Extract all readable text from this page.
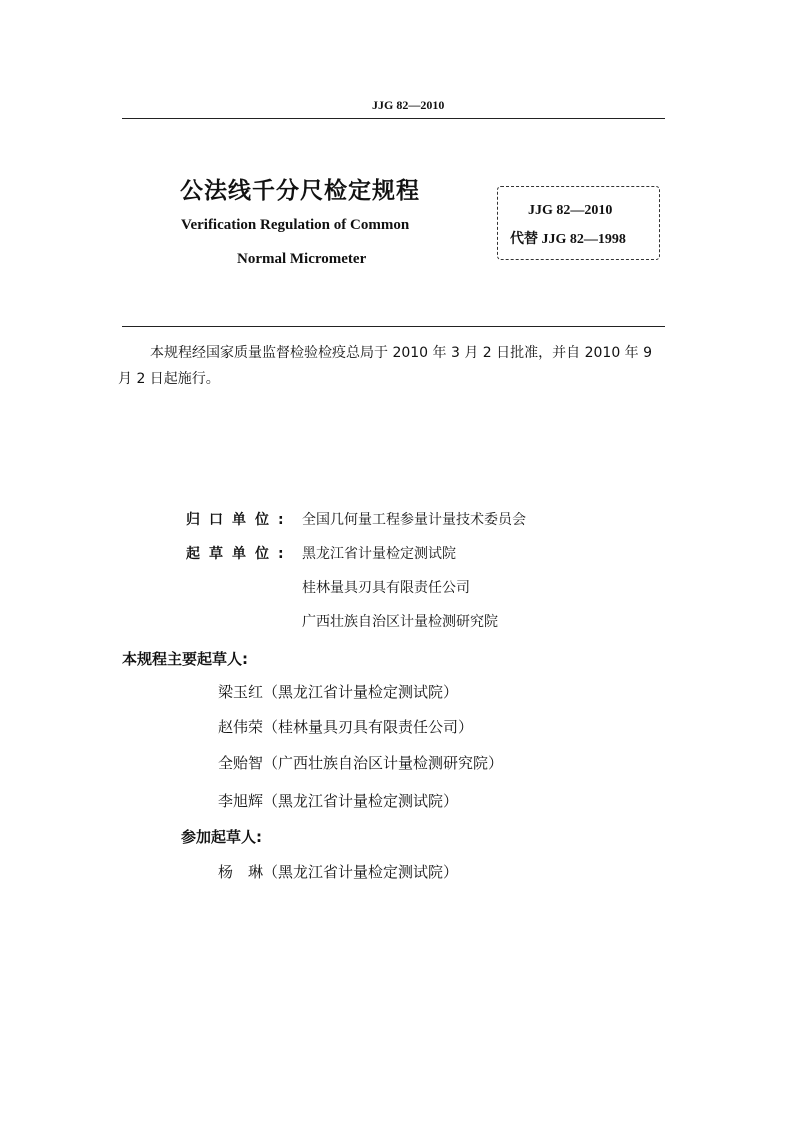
JJG 82—2010
公法线千分尺检定规程
Verification Regulation of Common
Normal Micrometer
JJG 82—2010
代替 JJG 82—1998
本规程经国家质量监督检验检疫总局于 2010 年 3 月 2 日批准，并自 2010 年 9 月 2 日起施行。
归口单位: 全国几何量工程参量计量技术委员会
起草单位: 黑龙江省计量检定测试院
桂林量具刃具有限责任公司
广西壮族自治区计量检测研究院
本规程主要起草人:
梁玉红（黑龙江省计量检定测试院）
赵伟荣（桂林量具刃具有限责任公司）
全贻智（广西壮族自治区计量检测研究院）
李旭辉（黑龙江省计量检定测试院）
参加起草人:
杨　琳（黑龙江省计量检定测试院）
